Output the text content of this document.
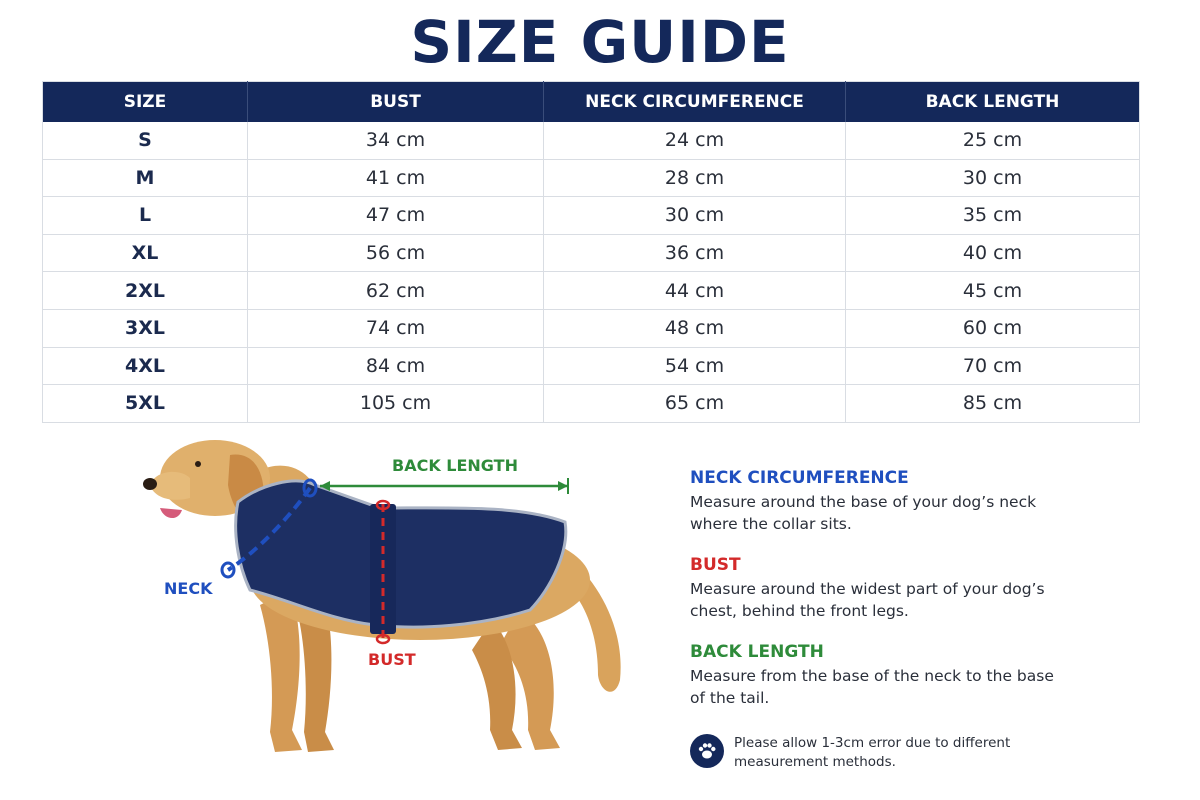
SIZE GUIDE
SIZE	BUST	NECK CIRCUMFERENCE	BACK LENGTH
S	34 cm	24 cm	25 cm
M	41 cm	28 cm	30 cm
L	47 cm	30 cm	35 cm
XL	56 cm	36 cm	40 cm
2XL	62 cm	44 cm	45 cm
3XL	74 cm	48 cm	60 cm
4XL	84 cm	54 cm	70 cm
5XL	105 cm	65 cm	85 cm
BACK LENGTH
NECK
BUST
NECK CIRCUMFERENCE
Measure around the base of your dog’s neck where the collar sits.
BUST
Measure around the widest part of your dog’s chest, behind the front legs.
BACK LENGTH
Measure from the base of the neck to the base of the tail.
Please allow 1-3cm error due to different measurement methods.
